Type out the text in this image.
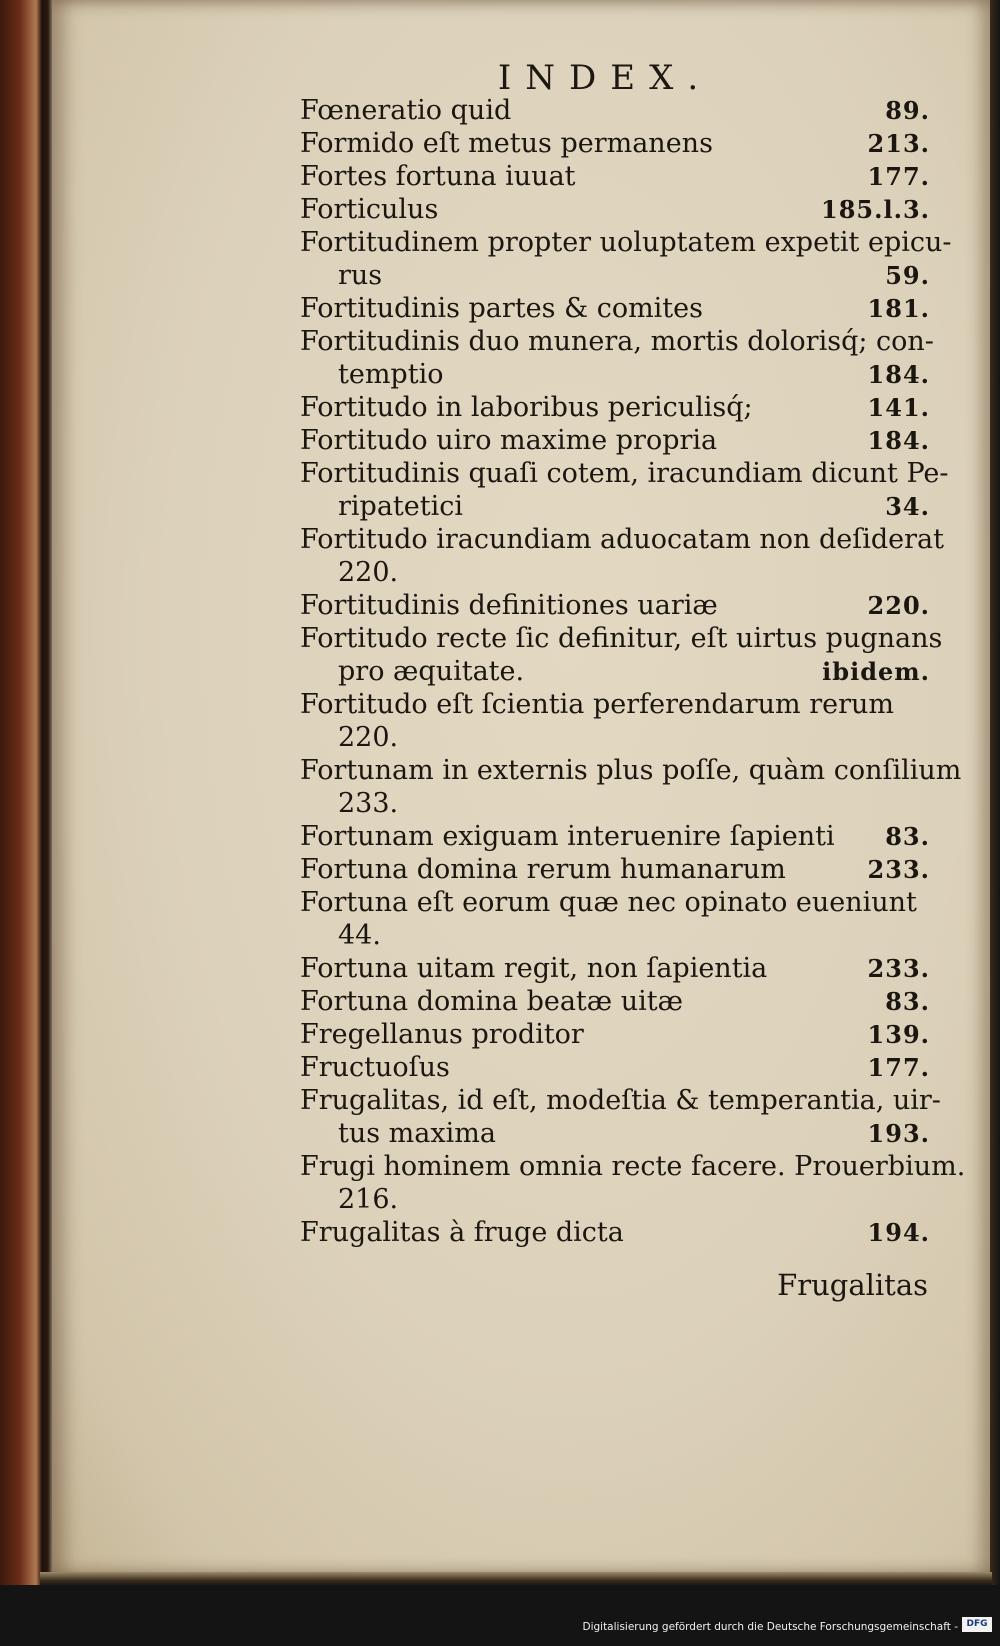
INDEX.
Fœneratio quid	89.
Formido eſt metus permanens	213.
Fortes fortuna iuuat	177.
Forticulus	185.l.3.
Fortitudinem propter uoluptatem expetit epicu-
rus	59.
Fortitudinis partes & comites	181.
Fortitudinis duo munera, mortis dolorisq́; con-
temptio	184.
Fortitudo in laboribus periculisq́;	141.
Fortitudo uiro maxime propria	184.
Fortitudinis quaſi cotem, iracundiam dicunt Pe-
ripatetici	34.
Fortitudo iracundiam aduocatam non deſiderat
220.
Fortitudinis definitiones uariæ	220.
Fortitudo recte ſic definitur, eſt uirtus pugnans
pro æquitate.	ibidem.
Fortitudo eſt ſcientia perferendarum rerum
220.
Fortunam in externis plus poſſe, quàm conſilium
233.
Fortunam exiguam interuenire ſapienti 83.
Fortuna domina rerum humanarum	233.
Fortuna eſt eorum quæ nec opinato eueniunt
44.
Fortuna uitam regit, non ſapientia	233.
Fortuna domina beatæ uitæ	83.
Fregellanus proditor	139.
Fructuoſus	177.
Frugalitas, id eſt, modeſtia & temperantia, uir-
tus maxima	193.
Frugi hominem omnia recte facere. Prouerbium.
216.
Frugalitas à fruge dicta	194.
Frugalitas
Digitalisierung gefördert durch die Deutsche Forschungsgemeinschaft - DFG
